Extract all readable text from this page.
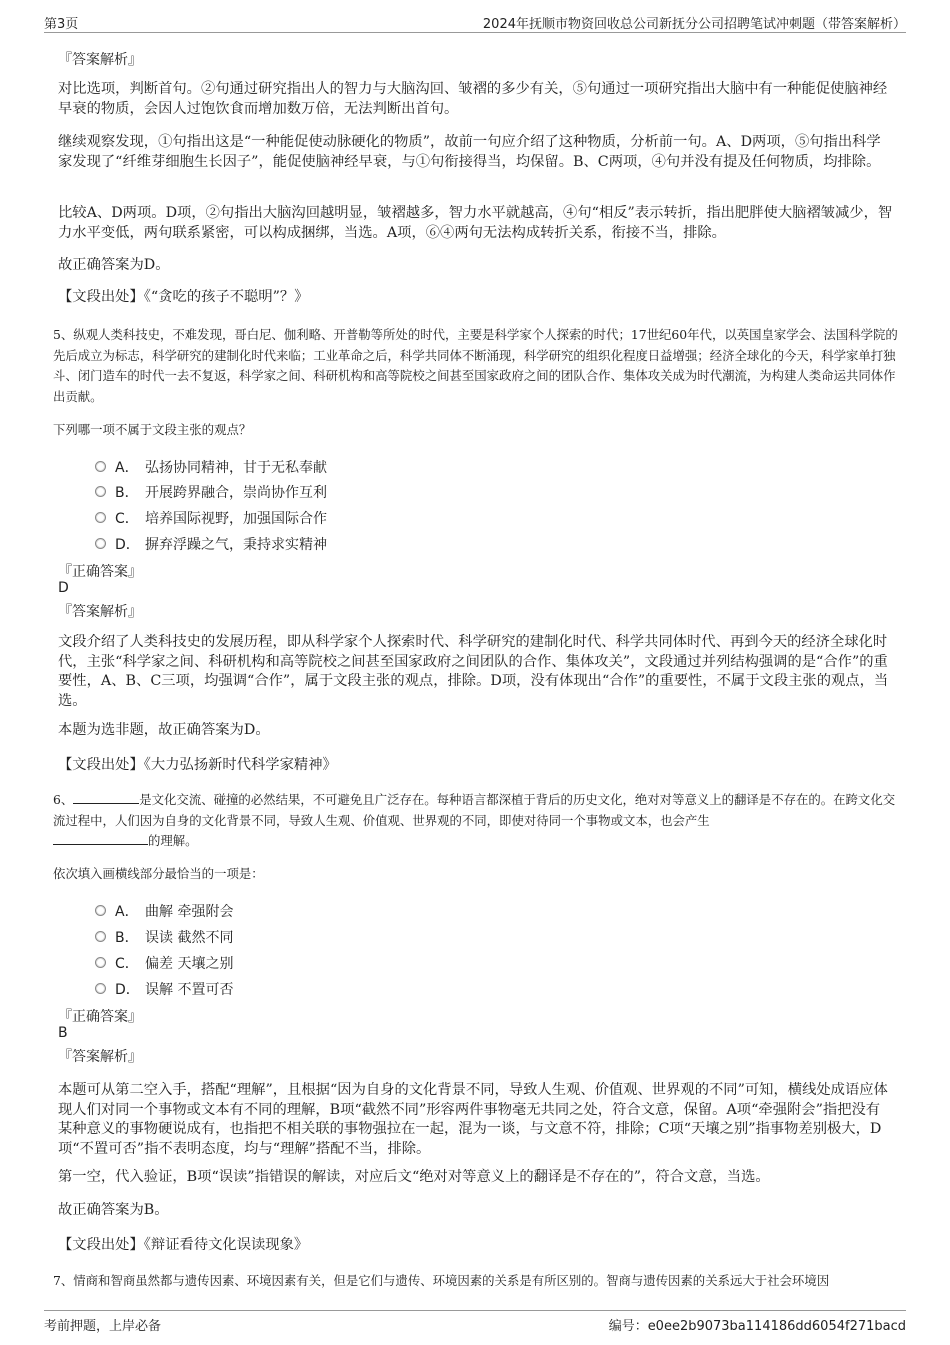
第3页	2024年抚顺市物资回收总公司新抚分公司招聘笔试冲刺题（带答案解析）
『答案解析』
对比选项，判断首句。②句通过研究指出人的智力与大脑沟回、皱褶的多少有关，⑤句通过一项研究指出大脑中有一种能促使脑神经早衰的物质，会因人过饱饮食而增加数万倍，无法判断出首句。
继续观察发现，①句指出这是“一种能促使动脉硬化的物质”，故前一句应介绍了这种物质，分析前一句。A、D两项，⑤句指出科学家发现了“纤维芽细胞生长因子”，能促使脑神经早衰，与①句衔接得当，均保留。B、C两项，④句并没有提及任何物质，均排除。
比较A、D两项。D项，②句指出大脑沟回越明显，皱褶越多，智力水平就越高，④句“相反”表示转折，指出肥胖使大脑褶皱减少，智力水平变低，两句联系紧密，可以构成捆绑，当选。A项，⑥④两句无法构成转折关系，衔接不当，排除。
故正确答案为D。
【文段出处】《“贪吃的孩子不聪明”？》
5、纵观人类科技史，不难发现，哥白尼、伽利略、开普勒等所处的时代，主要是科学家个人探索的时代；17世纪60年代，以英国皇家学会、法国科学院的先后成立为标志，科学研究的建制化时代来临；工业革命之后，科学共同体不断涌现，科学研究的组织化程度日益增强；经济全球化的今天，科学家单打独斗、闭门造车的时代一去不复返，科学家之间、科研机构和高等院校之间甚至国家政府之间的团队合作、集体攻关成为时代潮流，为构建人类命运共同体作出贡献。
下列哪一项不属于文段主张的观点？
A． 弘扬协同精神，甘于无私奉献
B． 开展跨界融合，崇尚协作互利
C． 培养国际视野，加强国际合作
D． 摒弃浮躁之气，秉持求实精神
『正确答案』
D
『答案解析』
文段介绍了人类科技史的发展历程，即从科学家个人探索时代、科学研究的建制化时代、科学共同体时代、再到今天的经济全球化时代，主张“科学家之间、科研机构和高等院校之间甚至国家政府之间团队的合作、集体攻关”，文段通过并列结构强调的是“合作”的重要性，A、B、C三项，均强调“合作”，属于文段主张的观点，排除。D项，没有体现出“合作”的重要性，不属于文段主张的观点，当选。
本题为选非题，故正确答案为D。
【文段出处】《大力弘扬新时代科学家精神》
6、	是文化交流、碰撞的必然结果，不可避免且广泛存在。每种语言都深植于背后的历史文化，绝对对等意义上的翻译是不存在的。在跨文化交流过程中，人们因为自身的文化背景不同，导致人生观、价值观、世界观的不同，即使对待同一个事物或文本，也会产生
的理解。
依次填入画横线部分最恰当的一项是：
A． 曲解 牵强附会
B． 误读 截然不同
C． 偏差 天壤之别
D． 误解 不置可否
『正确答案』
B
『答案解析』
本题可从第二空入手，搭配“理解”，且根据“因为自身的文化背景不同，导致人生观、价值观、世界观的不同”可知，横线处成语应体现人们对同一个事物或文本有不同的理解，B项“截然不同”形容两件事物毫无共同之处，符合文意，保留。A项“牵强附会”指把没有某种意义的事物硬说成有，也指把不相关联的事物强拉在一起，混为一谈，与文意不符，排除；C项“天壤之别”指事物差别极大，D项“不置可否”指不表明态度，均与“理解”搭配不当，排除。
第一空，代入验证，B项“误读”指错误的解读，对应后文“绝对对等意义上的翻译是不存在的”，符合文意，当选。
故正确答案为B。
【文段出处】《辩证看待文化误读现象》
7、情商和智商虽然都与遗传因素、环境因素有关，但是它们与遗传、环境因素的关系是有所区别的。智商与遗传因素的关系远大于社会环境因
考前押题，上岸必备	编号：e0ee2b9073ba114186dd6054f271bacd
